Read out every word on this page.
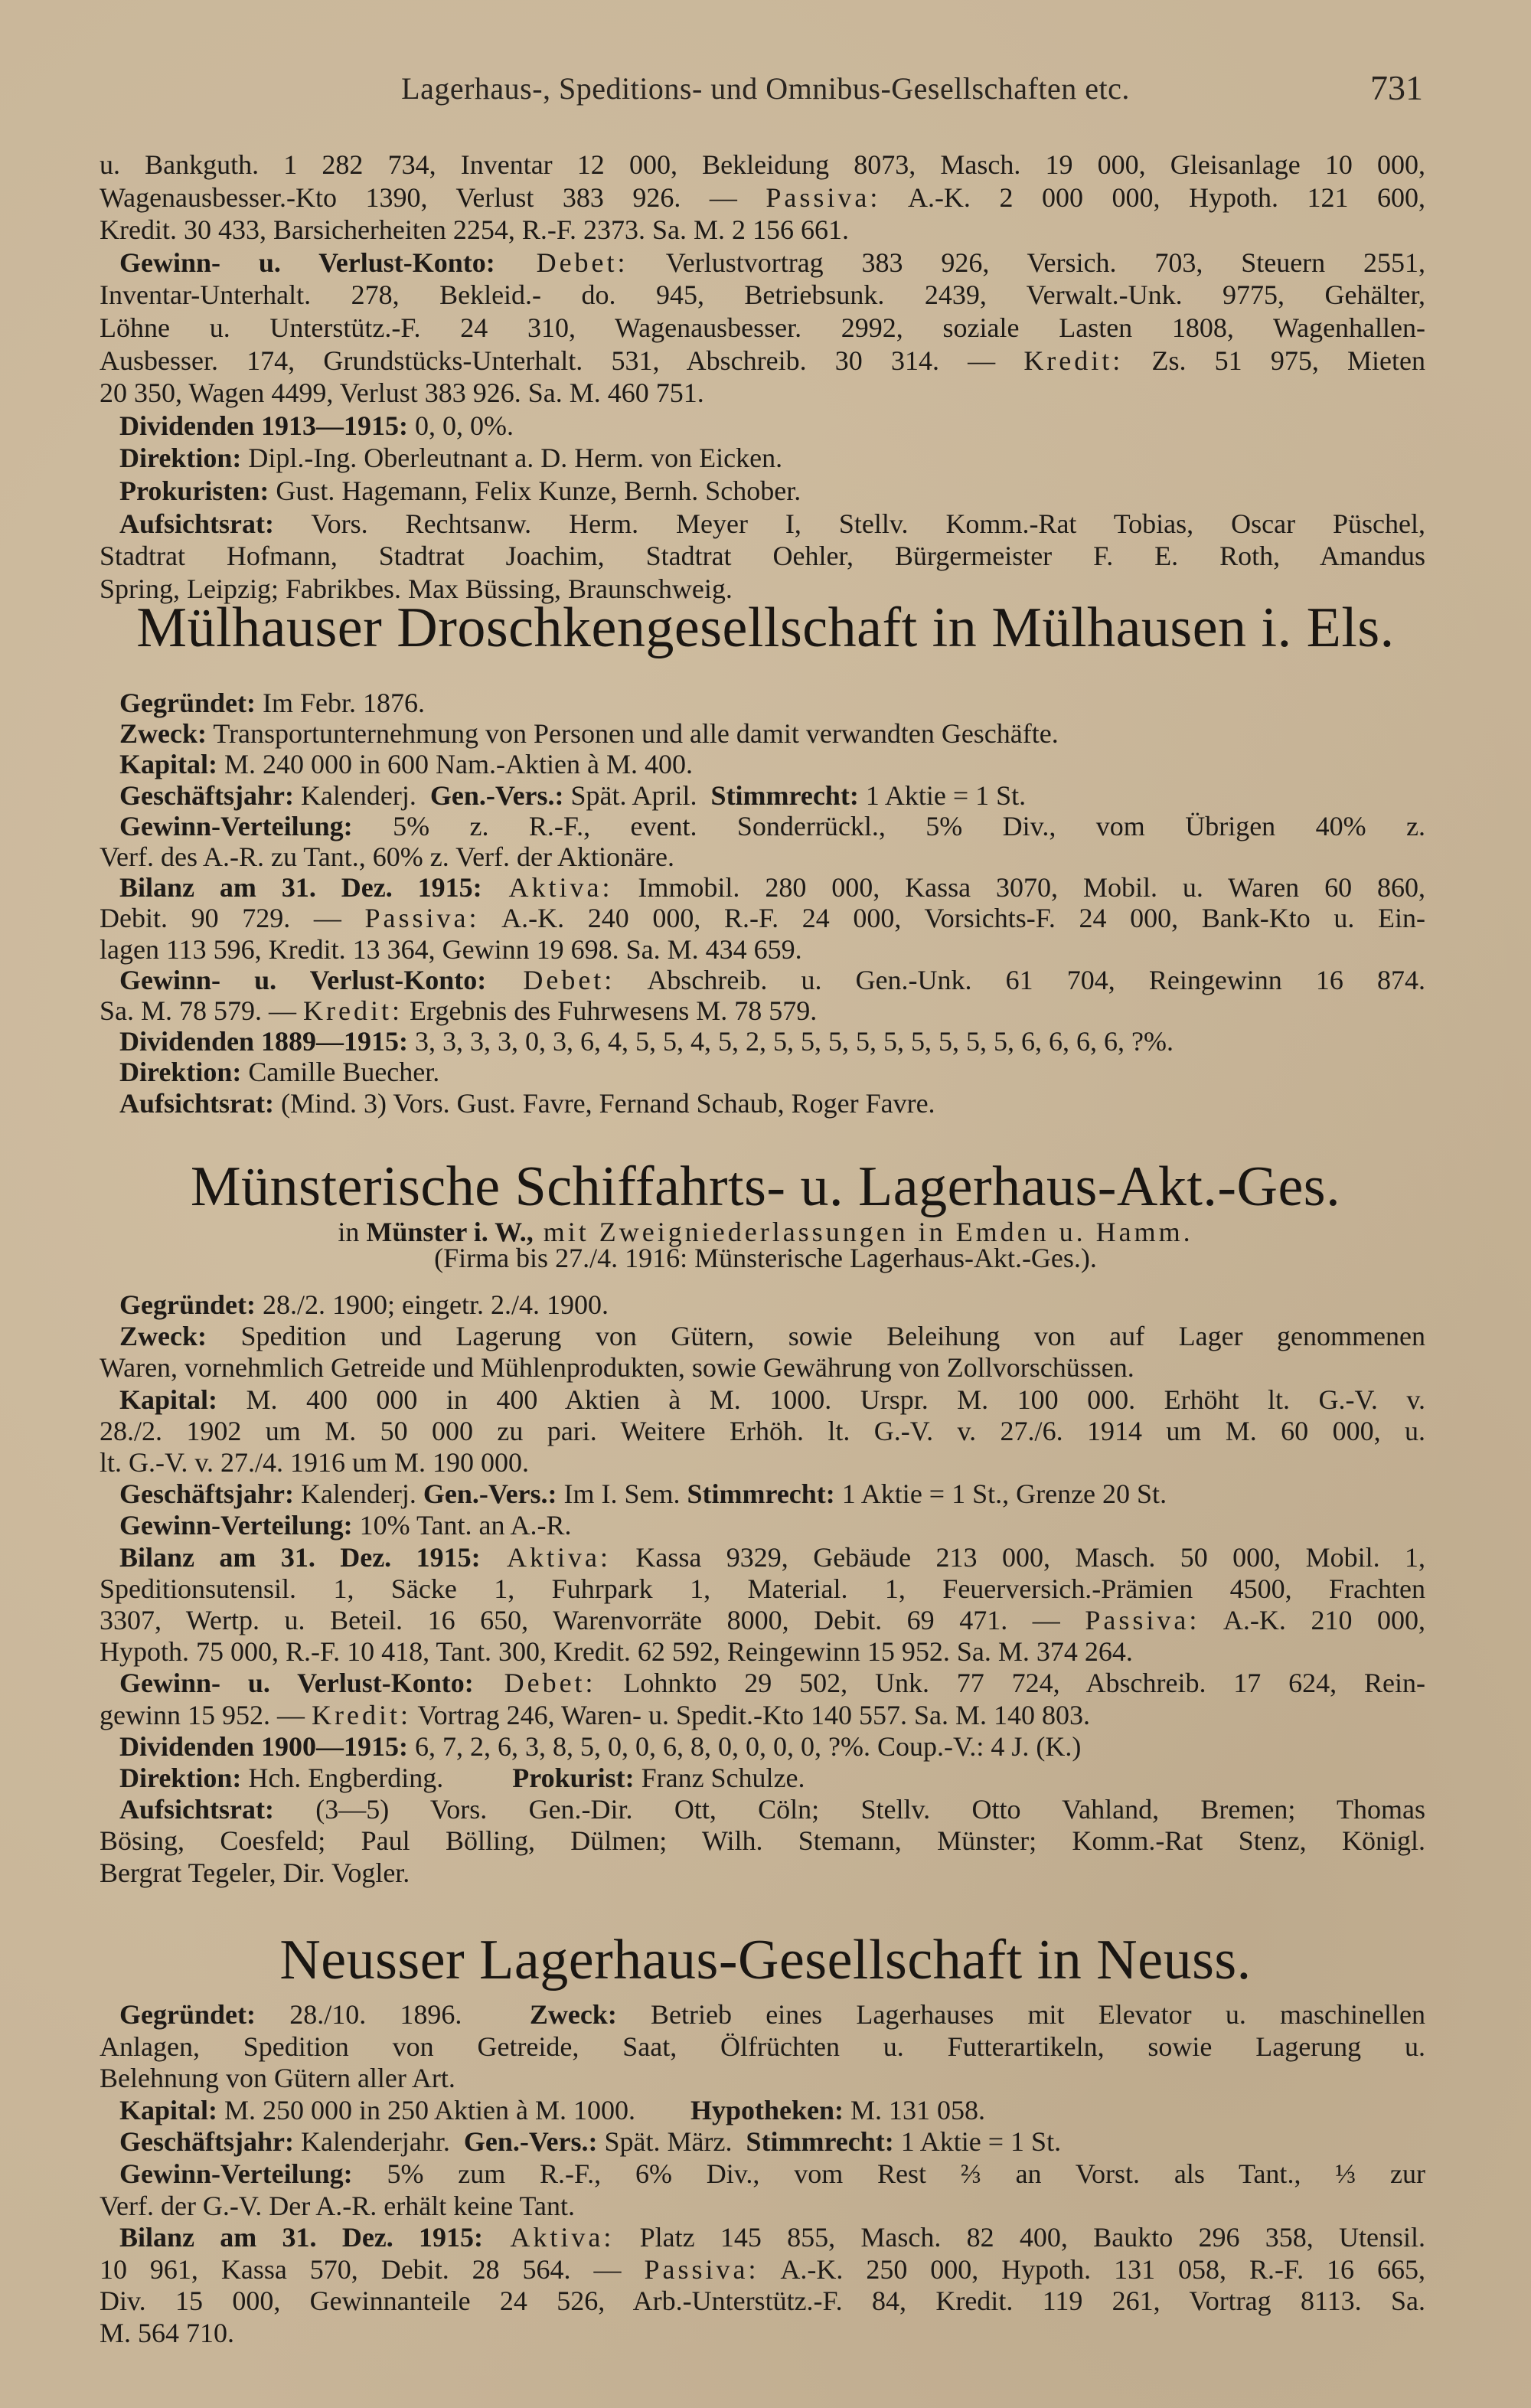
Lagerhaus-, Speditions- und Omnibus-Gesellschaften etc.	731
Mülhauser Droschkengesellschaft in Mülhausen i. Els.
Münsterische Schiffahrts- u. Lagerhaus-Akt.-Ges.
in Münster i. W., mit Zweigniederlassungen in Emden u. Hamm.
(Firma bis 27./4. 1916: Münsterische Lagerhaus-Akt.-Ges.).
Neusser Lagerhaus-Gesellschaft in Neuss.
u. Bankguth. 1 282 734, Inventar 12 000, Bekleidung 8073, Masch. 19 000, Gleisanlage 10 000,
Wagenausbesser.-Kto 1390, Verlust 383 926. — Passiva: A.-K. 2 000 000, Hypoth. 121 600,
Kredit. 30 433, Barsicherheiten 2254, R.-F. 2373. Sa. M. 2 156 661.
Gewinn- u. Verlust-Konto: Debet: Verlustvortrag 383 926, Versich. 703, Steuern 2551,
Inventar-Unterhalt. 278, Bekleid.- do. 945, Betriebsunk. 2439, Verwalt.-Unk. 9775, Gehälter,
Löhne u. Unterstütz.-F. 24 310, Wagenausbesser. 2992, soziale Lasten 1808, Wagenhallen-
Ausbesser. 174, Grundstücks-Unterhalt. 531, Abschreib. 30 314. — Kredit: Zs. 51 975, Mieten
20 350, Wagen 4499, Verlust 383 926. Sa. M. 460 751.
Dividenden 1913—1915: 0, 0, 0%.
Direktion: Dipl.-Ing. Oberleutnant a. D. Herm. von Eicken.
Prokuristen: Gust. Hagemann, Felix Kunze, Bernh. Schober.
Aufsichtsrat: Vors. Rechtsanw. Herm. Meyer I, Stellv. Komm.-Rat Tobias, Oscar Püschel,
Stadtrat Hofmann, Stadtrat Joachim, Stadtrat Oehler, Bürgermeister F. E. Roth, Amandus
Spring, Leipzig; Fabrikbes. Max Büssing, Braunschweig.
Gegründet: Im Febr. 1876.
Zweck: Transportunternehmung von Personen und alle damit verwandten Geschäfte.
Kapital: M. 240 000 in 600 Nam.-Aktien à M. 400.
Geschäftsjahr: Kalenderj.  Gen.-Vers.: Spät. April.  Stimmrecht: 1 Aktie = 1 St.
Gewinn-Verteilung: 5% z. R.-F., event. Sonderrückl., 5% Div., vom Übrigen 40% z.
Verf. des A.-R. zu Tant., 60% z. Verf. der Aktionäre.
Bilanz am 31. Dez. 1915: Aktiva: Immobil. 280 000, Kassa 3070, Mobil. u. Waren 60 860,
Debit. 90 729. — Passiva: A.-K. 240 000, R.-F. 24 000, Vorsichts-F. 24 000, Bank-Kto u. Ein-
lagen 113 596, Kredit. 13 364, Gewinn 19 698. Sa. M. 434 659.
Gewinn- u. Verlust-Konto: Debet: Abschreib. u. Gen.-Unk. 61 704, Reingewinn 16 874.
Sa. M. 78 579. — Kredit: Ergebnis des Fuhrwesens M. 78 579.
Dividenden 1889—1915: 3, 3, 3, 3, 0, 3, 6, 4, 5, 5, 4, 5, 2, 5, 5, 5, 5, 5, 5, 5, 5, 5, 6, 6, 6, 6, ?%.
Direktion: Camille Buecher.
Aufsichtsrat: (Mind. 3) Vors. Gust. Favre, Fernand Schaub, Roger Favre.
Gegründet: 28./2. 1900; eingetr. 2./4. 1900.
Zweck: Spedition und Lagerung von Gütern, sowie Beleihung von auf Lager genommenen
Waren, vornehmlich Getreide und Mühlenprodukten, sowie Gewährung von Zollvorschüssen.
Kapital: M. 400 000 in 400 Aktien à M. 1000. Urspr. M. 100 000. Erhöht lt. G.-V. v.
28./2. 1902 um M. 50 000 zu pari. Weitere Erhöh. lt. G.-V. v. 27./6. 1914 um M. 60 000, u.
lt. G.-V. v. 27./4. 1916 um M. 190 000.
Geschäftsjahr: Kalenderj. Gen.-Vers.: Im I. Sem. Stimmrecht: 1 Aktie = 1 St., Grenze 20 St.
Gewinn-Verteilung: 10% Tant. an A.-R.
Bilanz am 31. Dez. 1915: Aktiva: Kassa 9329, Gebäude 213 000, Masch. 50 000, Mobil. 1,
Speditionsutensil. 1, Säcke 1, Fuhrpark 1, Material. 1, Feuerversich.-Prämien 4500, Frachten
3307, Wertp. u. Beteil. 16 650, Warenvorräte 8000, Debit. 69 471. — Passiva: A.-K. 210 000,
Hypoth. 75 000, R.-F. 10 418, Tant. 300, Kredit. 62 592, Reingewinn 15 952. Sa. M. 374 264.
Gewinn- u. Verlust-Konto: Debet: Lohnkto 29 502, Unk. 77 724, Abschreib. 17 624, Rein-
gewinn 15 952. — Kredit: Vortrag 246, Waren- u. Spedit.-Kto 140 557. Sa. M. 140 803.
Dividenden 1900—1915: 6, 7, 2, 6, 3, 8, 5, 0, 0, 6, 8, 0, 0, 0, 0, ?%. Coup.-V.: 4 J. (K.)
Direktion: Hch. Engberding.          Prokurist: Franz Schulze.
Aufsichtsrat: (3—5) Vors. Gen.-Dir. Ott, Cöln; Stellv. Otto Vahland, Bremen; Thomas
Bösing, Coesfeld; Paul Bölling, Dülmen; Wilh. Stemann, Münster; Komm.-Rat Stenz, Königl.
Bergrat Tegeler, Dir. Vogler.
Gegründet: 28./10. 1896.  Zweck: Betrieb eines Lagerhauses mit Elevator u. maschinellen
Anlagen, Spedition von Getreide, Saat, Ölfrüchten u. Futterartikeln, sowie Lagerung u.
Belehnung von Gütern aller Art.
Kapital: M. 250 000 in 250 Aktien à M. 1000.        Hypotheken: M. 131 058.
Geschäftsjahr: Kalenderjahr.  Gen.-Vers.: Spät. März.  Stimmrecht: 1 Aktie = 1 St.
Gewinn-Verteilung: 5% zum R.-F., 6% Div., vom Rest ⅔ an Vorst. als Tant., ⅓ zur
Verf. der G.-V. Der A.-R. erhält keine Tant.
Bilanz am 31. Dez. 1915: Aktiva: Platz 145 855, Masch. 82 400, Baukto 296 358, Utensil.
10 961, Kassa 570, Debit. 28 564. — Passiva: A.-K. 250 000, Hypoth. 131 058, R.-F. 16 665,
Div. 15 000, Gewinnanteile 24 526, Arb.-Unterstütz.-F. 84, Kredit. 119 261, Vortrag 8113. Sa.
M. 564 710.
